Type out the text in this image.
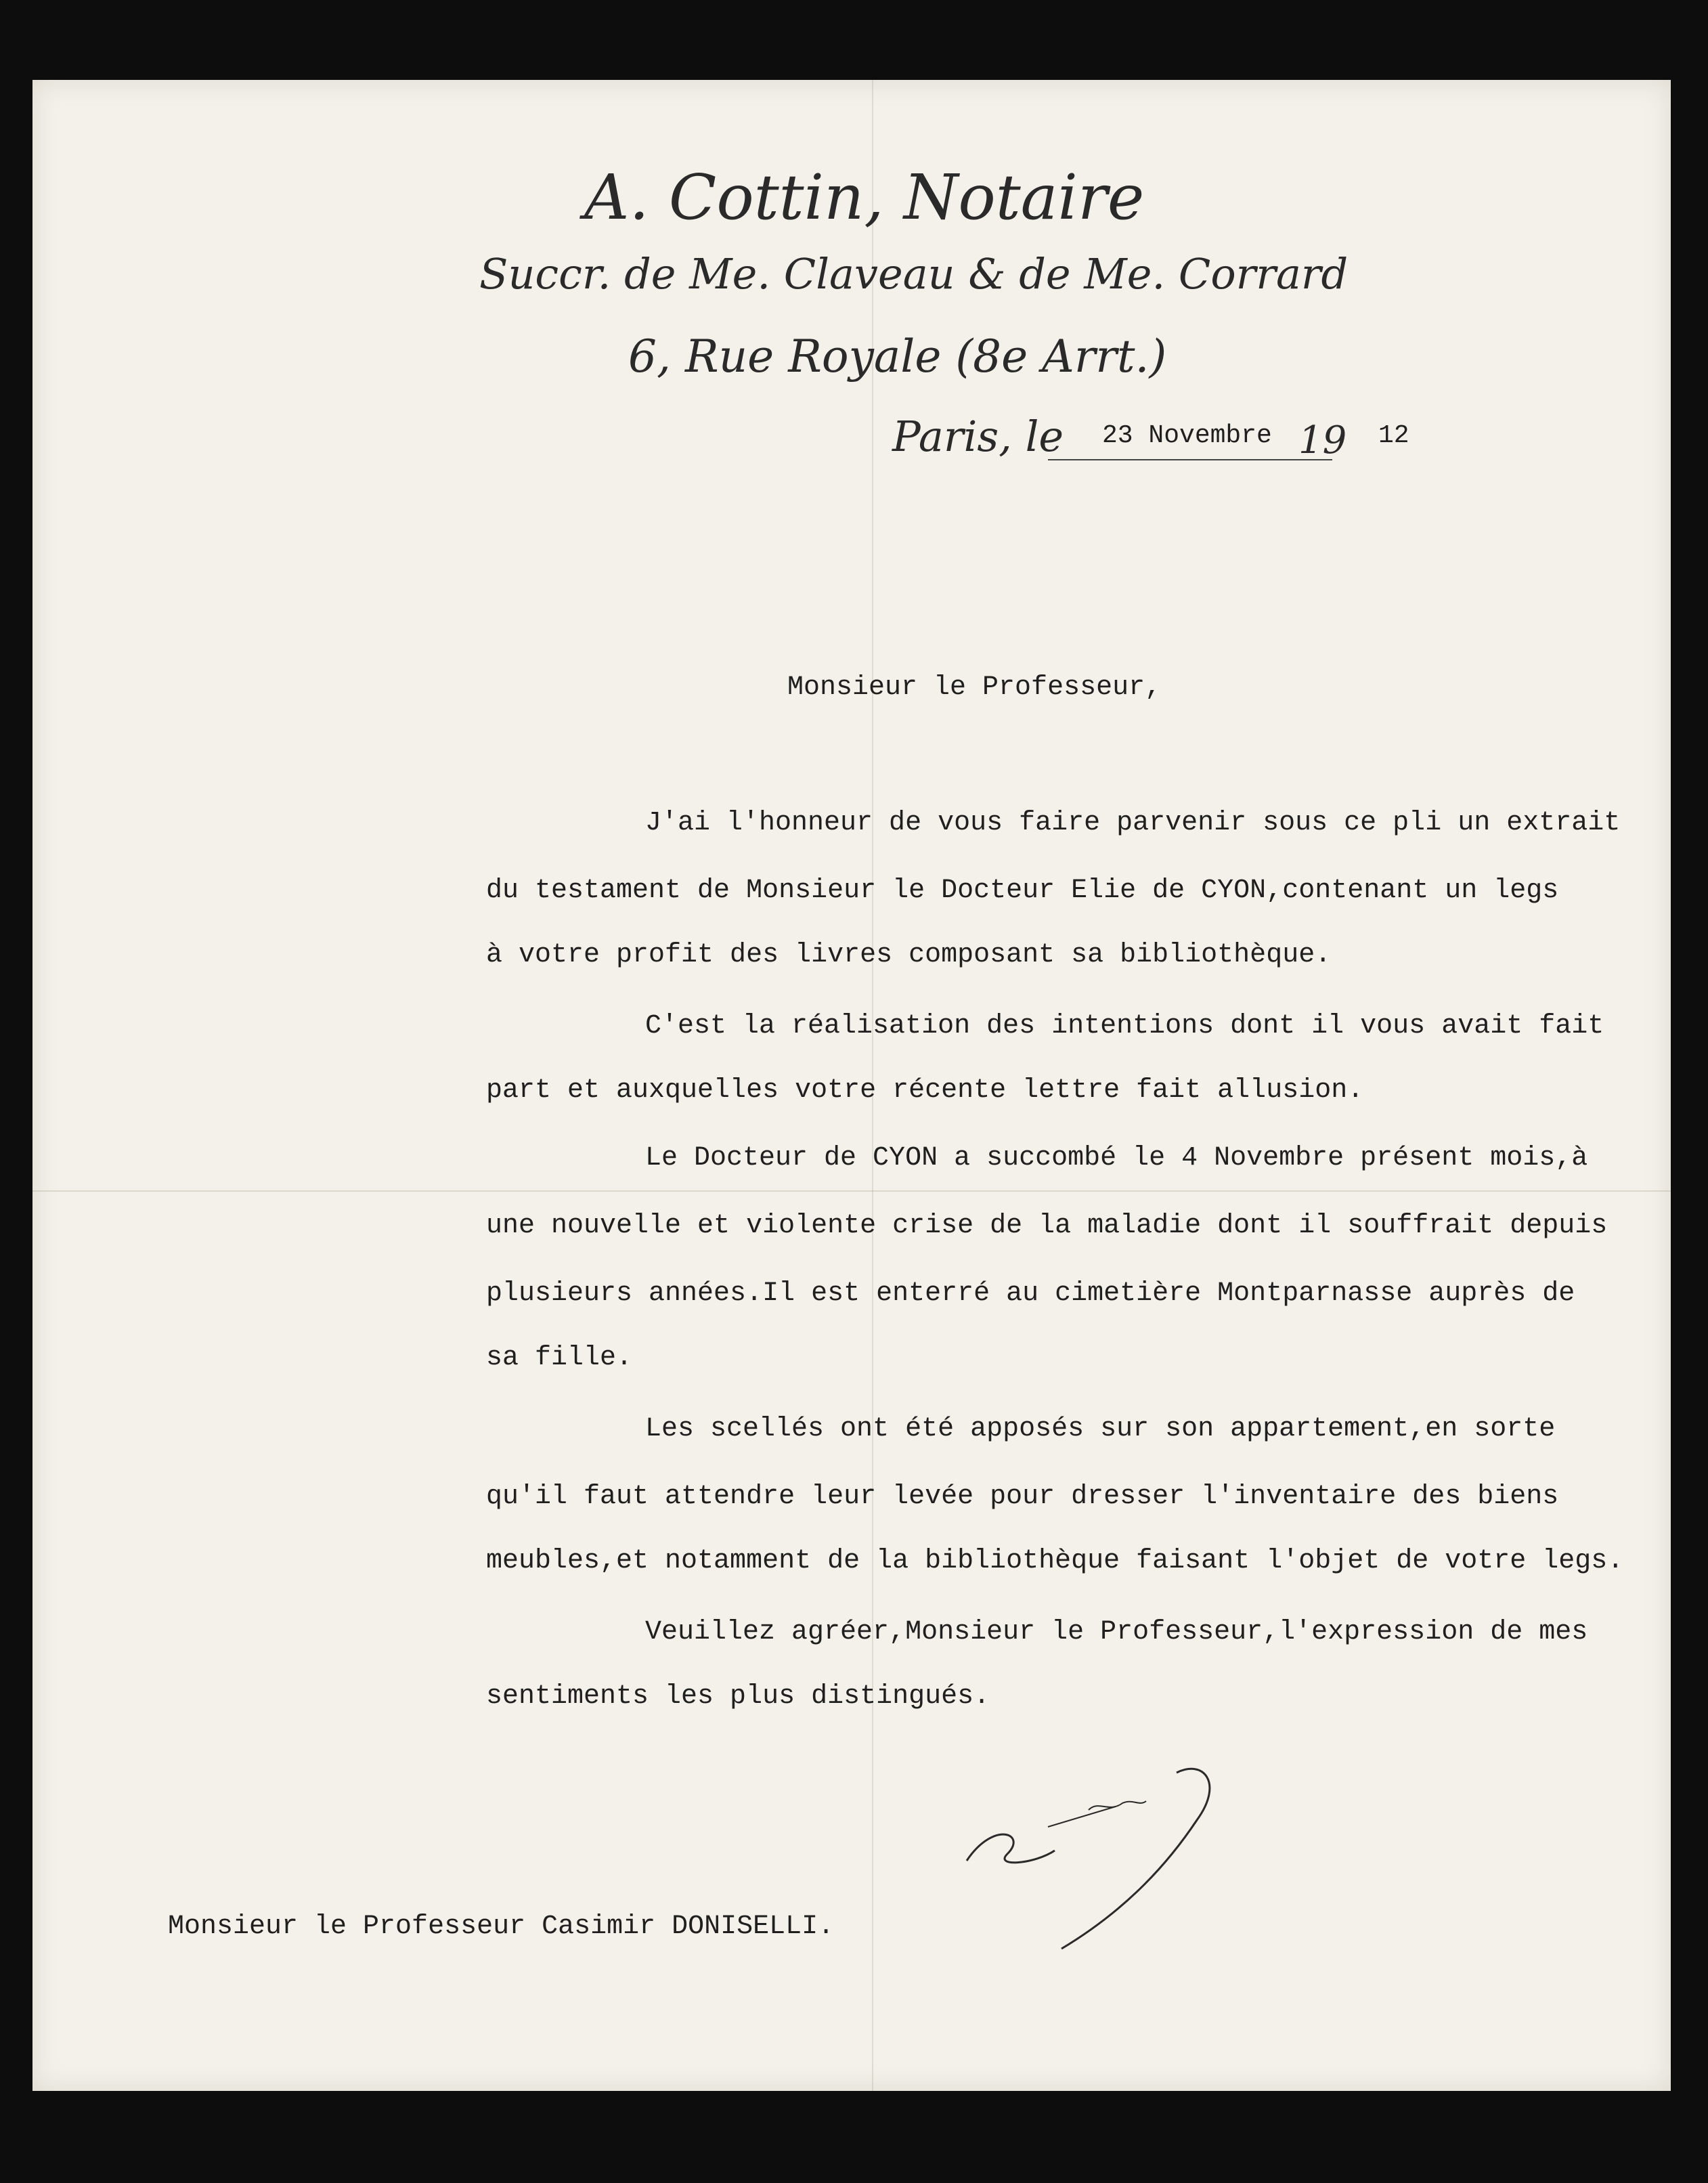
A. Cottin, Notaire
Succr. de Me. Claveau & de Me. Corrard
6, Rue Royale (8e Arrt.)
Paris, le 23 Novembre 19 12
Monsieur le Professeur,
J'ai l'honneur de vous faire parvenir sous ce pli un extrait
du testament de Monsieur le Docteur Elie de CYON,contenant un legs
à votre profit des livres composant sa bibliothèque.
C'est la réalisation des intentions dont il vous avait fait
part et auxquelles votre récente lettre fait allusion.
Le Docteur de CYON a succombé le 4 Novembre présent mois,à
une nouvelle et violente crise de la maladie dont il souffrait depuis
plusieurs années.Il est enterré au cimetière Montparnasse auprès de
sa fille.
Les scellés ont été apposés sur son appartement,en sorte
qu'il faut attendre leur levée pour dresser l'inventaire des biens
meubles,et notamment de la bibliothèque faisant l'objet de votre legs.
Veuillez agréer,Monsieur le Professeur,l'expression de mes
sentiments les plus distingués.
Monsieur le Professeur Casimir DONISELLI.
